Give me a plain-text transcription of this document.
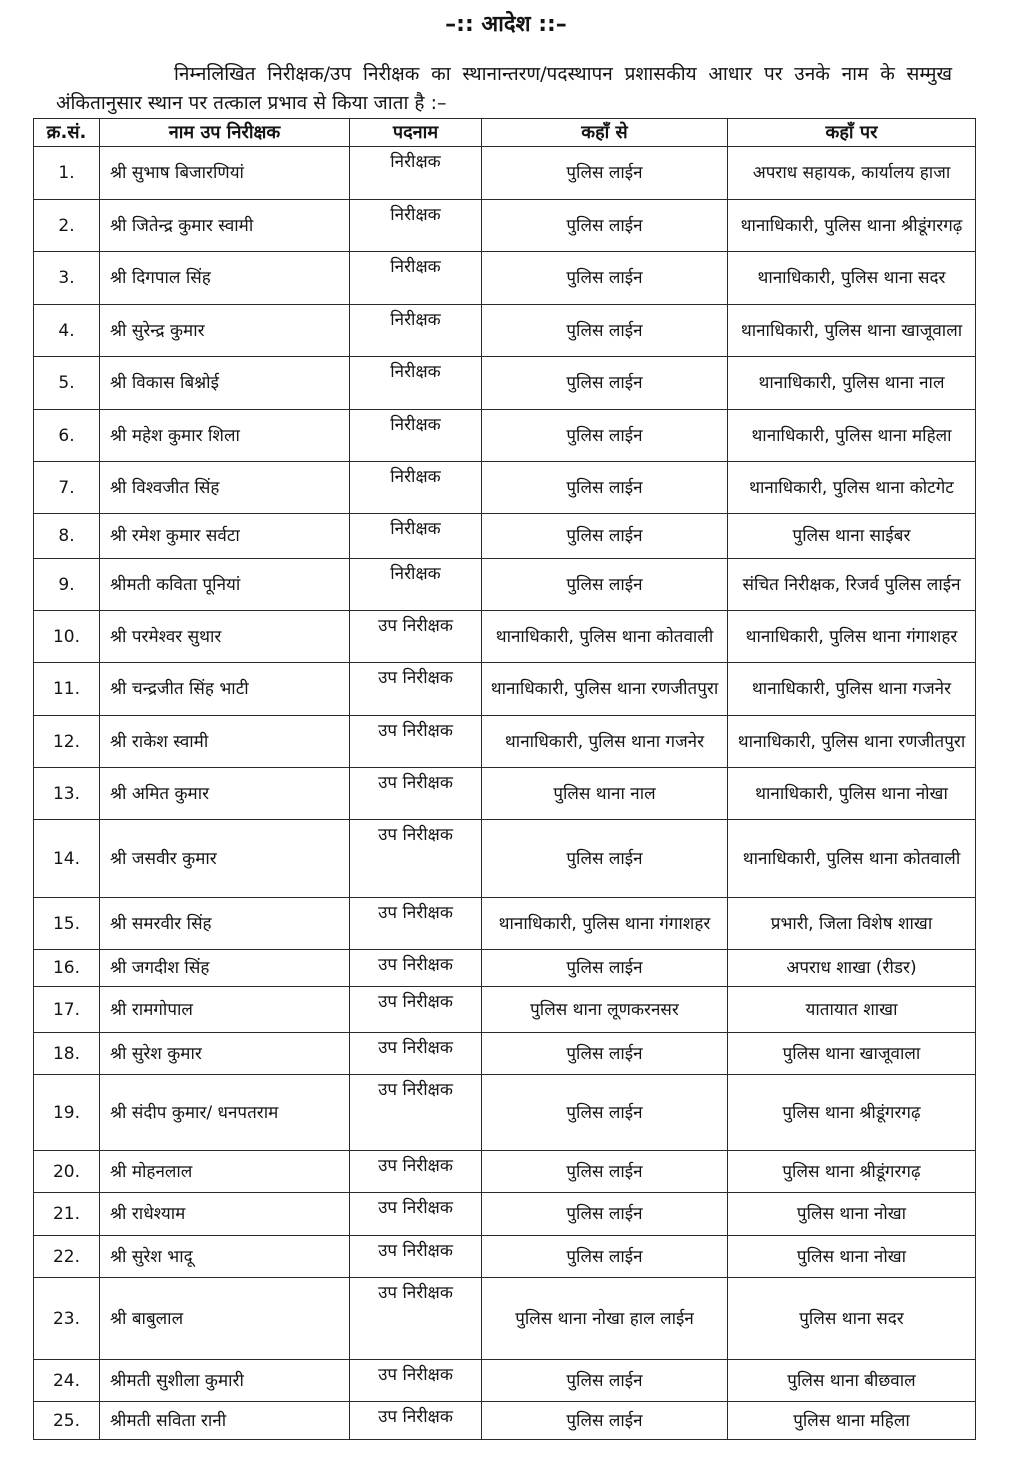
–:: आदेश ::–
निम्नलिखित निरीक्षक/उप निरीक्षक का स्थानान्तरण/पदस्थापन प्रशासकीय आधार पर उनके नाम के सम्मुख अंकितानुसार स्थान पर तत्काल प्रभाव से किया जाता है :–
क्र.सं.	नाम उप निरीक्षक	पदनाम	कहाँ से	कहाँ पर
1.	श्री सुभाष बिजारणियां	निरीक्षक	पुलिस लाईन	अपराध सहायक, कार्यालय हाजा
2.	श्री जितेन्द्र कुमार स्वामी	निरीक्षक	पुलिस लाईन	थानाधिकारी, पुलिस थाना श्रीडूंगरगढ़
3.	श्री दिगपाल सिंह	निरीक्षक	पुलिस लाईन	थानाधिकारी, पुलिस थाना सदर
4.	श्री सुरेन्द्र कुमार	निरीक्षक	पुलिस लाईन	थानाधिकारी, पुलिस थाना खाजूवाला
5.	श्री विकास बिश्नोई	निरीक्षक	पुलिस लाईन	थानाधिकारी, पुलिस थाना नाल
6.	श्री महेश कुमार शिला	निरीक्षक	पुलिस लाईन	थानाधिकारी, पुलिस थाना महिला
7.	श्री विश्वजीत सिंह	निरीक्षक	पुलिस लाईन	थानाधिकारी, पुलिस थाना कोटगेट
8.	श्री रमेश कुमार सर्वटा	निरीक्षक	पुलिस लाईन	पुलिस थाना साईबर
9.	श्रीमती कविता पूनियां	निरीक्षक	पुलिस लाईन	संचित निरीक्षक, रिजर्व पुलिस लाईन
10.	श्री परमेश्वर सुथार	उप निरीक्षक	थानाधिकारी, पुलिस थाना कोतवाली	थानाधिकारी, पुलिस थाना गंगाशहर
11.	श्री चन्द्रजीत सिंह भाटी	उप निरीक्षक	थानाधिकारी, पुलिस थाना रणजीतपुरा	थानाधिकारी, पुलिस थाना गजनेर
12.	श्री राकेश स्वामी	उप निरीक्षक	थानाधिकारी, पुलिस थाना गजनेर	थानाधिकारी, पुलिस थाना रणजीतपुरा
13.	श्री अमित कुमार	उप निरीक्षक	पुलिस थाना नाल	थानाधिकारी, पुलिस थाना नोखा
14.	श्री जसवीर कुमार	उप निरीक्षक	पुलिस लाईन	थानाधिकारी, पुलिस थाना कोतवाली
15.	श्री समरवीर सिंह	उप निरीक्षक	थानाधिकारी, पुलिस थाना गंगाशहर	प्रभारी, जिला विशेष शाखा
16.	श्री जगदीश सिंह	उप निरीक्षक	पुलिस लाईन	अपराध शाखा (रीडर)
17.	श्री रामगोपाल	उप निरीक्षक	पुलिस थाना लूणकरनसर	यातायात शाखा
18.	श्री सुरेश कुमार	उप निरीक्षक	पुलिस लाईन	पुलिस थाना खाजूवाला
19.	श्री संदीप कुमार/ धनपतराम	उप निरीक्षक	पुलिस लाईन	पुलिस थाना श्रीडूंगरगढ़
20.	श्री मोहनलाल	उप निरीक्षक	पुलिस लाईन	पुलिस थाना श्रीडूंगरगढ़
21.	श्री राधेश्याम	उप निरीक्षक	पुलिस लाईन	पुलिस थाना नोखा
22.	श्री सुरेश भादू	उप निरीक्षक	पुलिस लाईन	पुलिस थाना नोखा
23.	श्री बाबुलाल	उप निरीक्षक	पुलिस थाना नोखा हाल लाईन	पुलिस थाना सदर
24.	श्रीमती सुशीला कुमारी	उप निरीक्षक	पुलिस लाईन	पुलिस थाना बीछवाल
25.	श्रीमती सविता रानी	उप निरीक्षक	पुलिस लाईन	पुलिस थाना महिला
